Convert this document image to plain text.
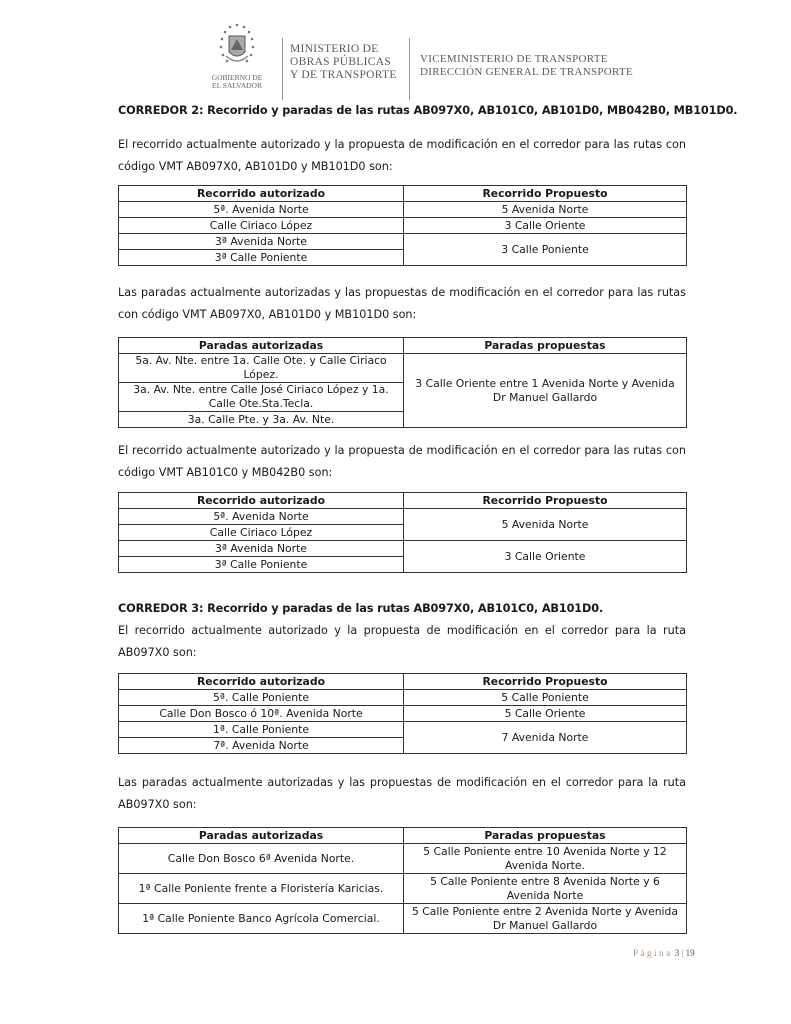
GOBIERNO DE
EL SALVADOR
MINISTERIO DE
OBRAS PÚBLICAS
Y DE TRANSPORTE
VICEMINISTERIO DE TRANSPORTE
DIRECCIÓN GENERAL DE TRANSPORTE

CORREDOR 2: Recorrido y paradas de las rutas AB097X0, AB101C0, AB101D0, MB042B0, MB101D0.

El recorrido actualmente autorizado y la propuesta de modificación en el corredor para las rutas con código VMT AB097X0, AB101D0 y MB101D0 son:

Recorrido autorizado	Recorrido Propuesto
5ª. Avenida Norte	5 Avenida Norte
Calle Ciriaco López	3 Calle Oriente
3ª Avenida Norte	3 Calle Poniente
3ª Calle Poniente	

Las paradas actualmente autorizadas y las propuestas de modificación en el corredor para las rutas con código VMT AB097X0, AB101D0 y MB101D0 son:

Paradas autorizadas	Paradas propuestas
5a. Av. Nte. entre 1a. Calle Ote. y Calle Ciriaco López.	3 Calle Oriente entre 1 Avenida Norte y Avenida Dr Manuel Gallardo
3a. Av. Nte. entre Calle José Ciriaco López y 1a. Calle Ote.Sta.Tecla.	
3a. Calle Pte. y 3a. Av. Nte.	

El recorrido actualmente autorizado y la propuesta de modificación en el corredor para las rutas con código VMT AB101C0 y MB042B0 son:

Recorrido autorizado	Recorrido Propuesto
5ª. Avenida Norte	5 Avenida Norte
Calle Ciriaco López	
3ª Avenida Norte	3 Calle Oriente
3ª Calle Poniente	

CORREDOR 3: Recorrido y paradas de las rutas AB097X0, AB101C0, AB101D0.

El recorrido actualmente autorizado y la propuesta de modificación en el corredor para la ruta AB097X0 son:

Recorrido autorizado	Recorrido Propuesto
5ª. Calle Poniente	5 Calle Poniente
Calle Don Bosco ó 10ª. Avenida Norte	5 Calle Oriente
1ª. Calle Poniente	7 Avenida Norte
7ª. Avenida Norte	

Las paradas actualmente autorizadas y las propuestas de modificación en el corredor para la ruta AB097X0 son:

Paradas autorizadas	Paradas propuestas
Calle Don Bosco 6ª Avenida Norte.	5 Calle Poniente entre 10 Avenida Norte y 12 Avenida Norte.
1ª Calle Poniente frente a Floristería Karicias.	5 Calle Poniente entre 8 Avenida Norte y 6 Avenida Norte
1ª Calle Poniente Banco Agrícola Comercial.	5 Calle Poniente entre 2 Avenida Norte y Avenida Dr Manuel Gallardo
Página 3 | 19
